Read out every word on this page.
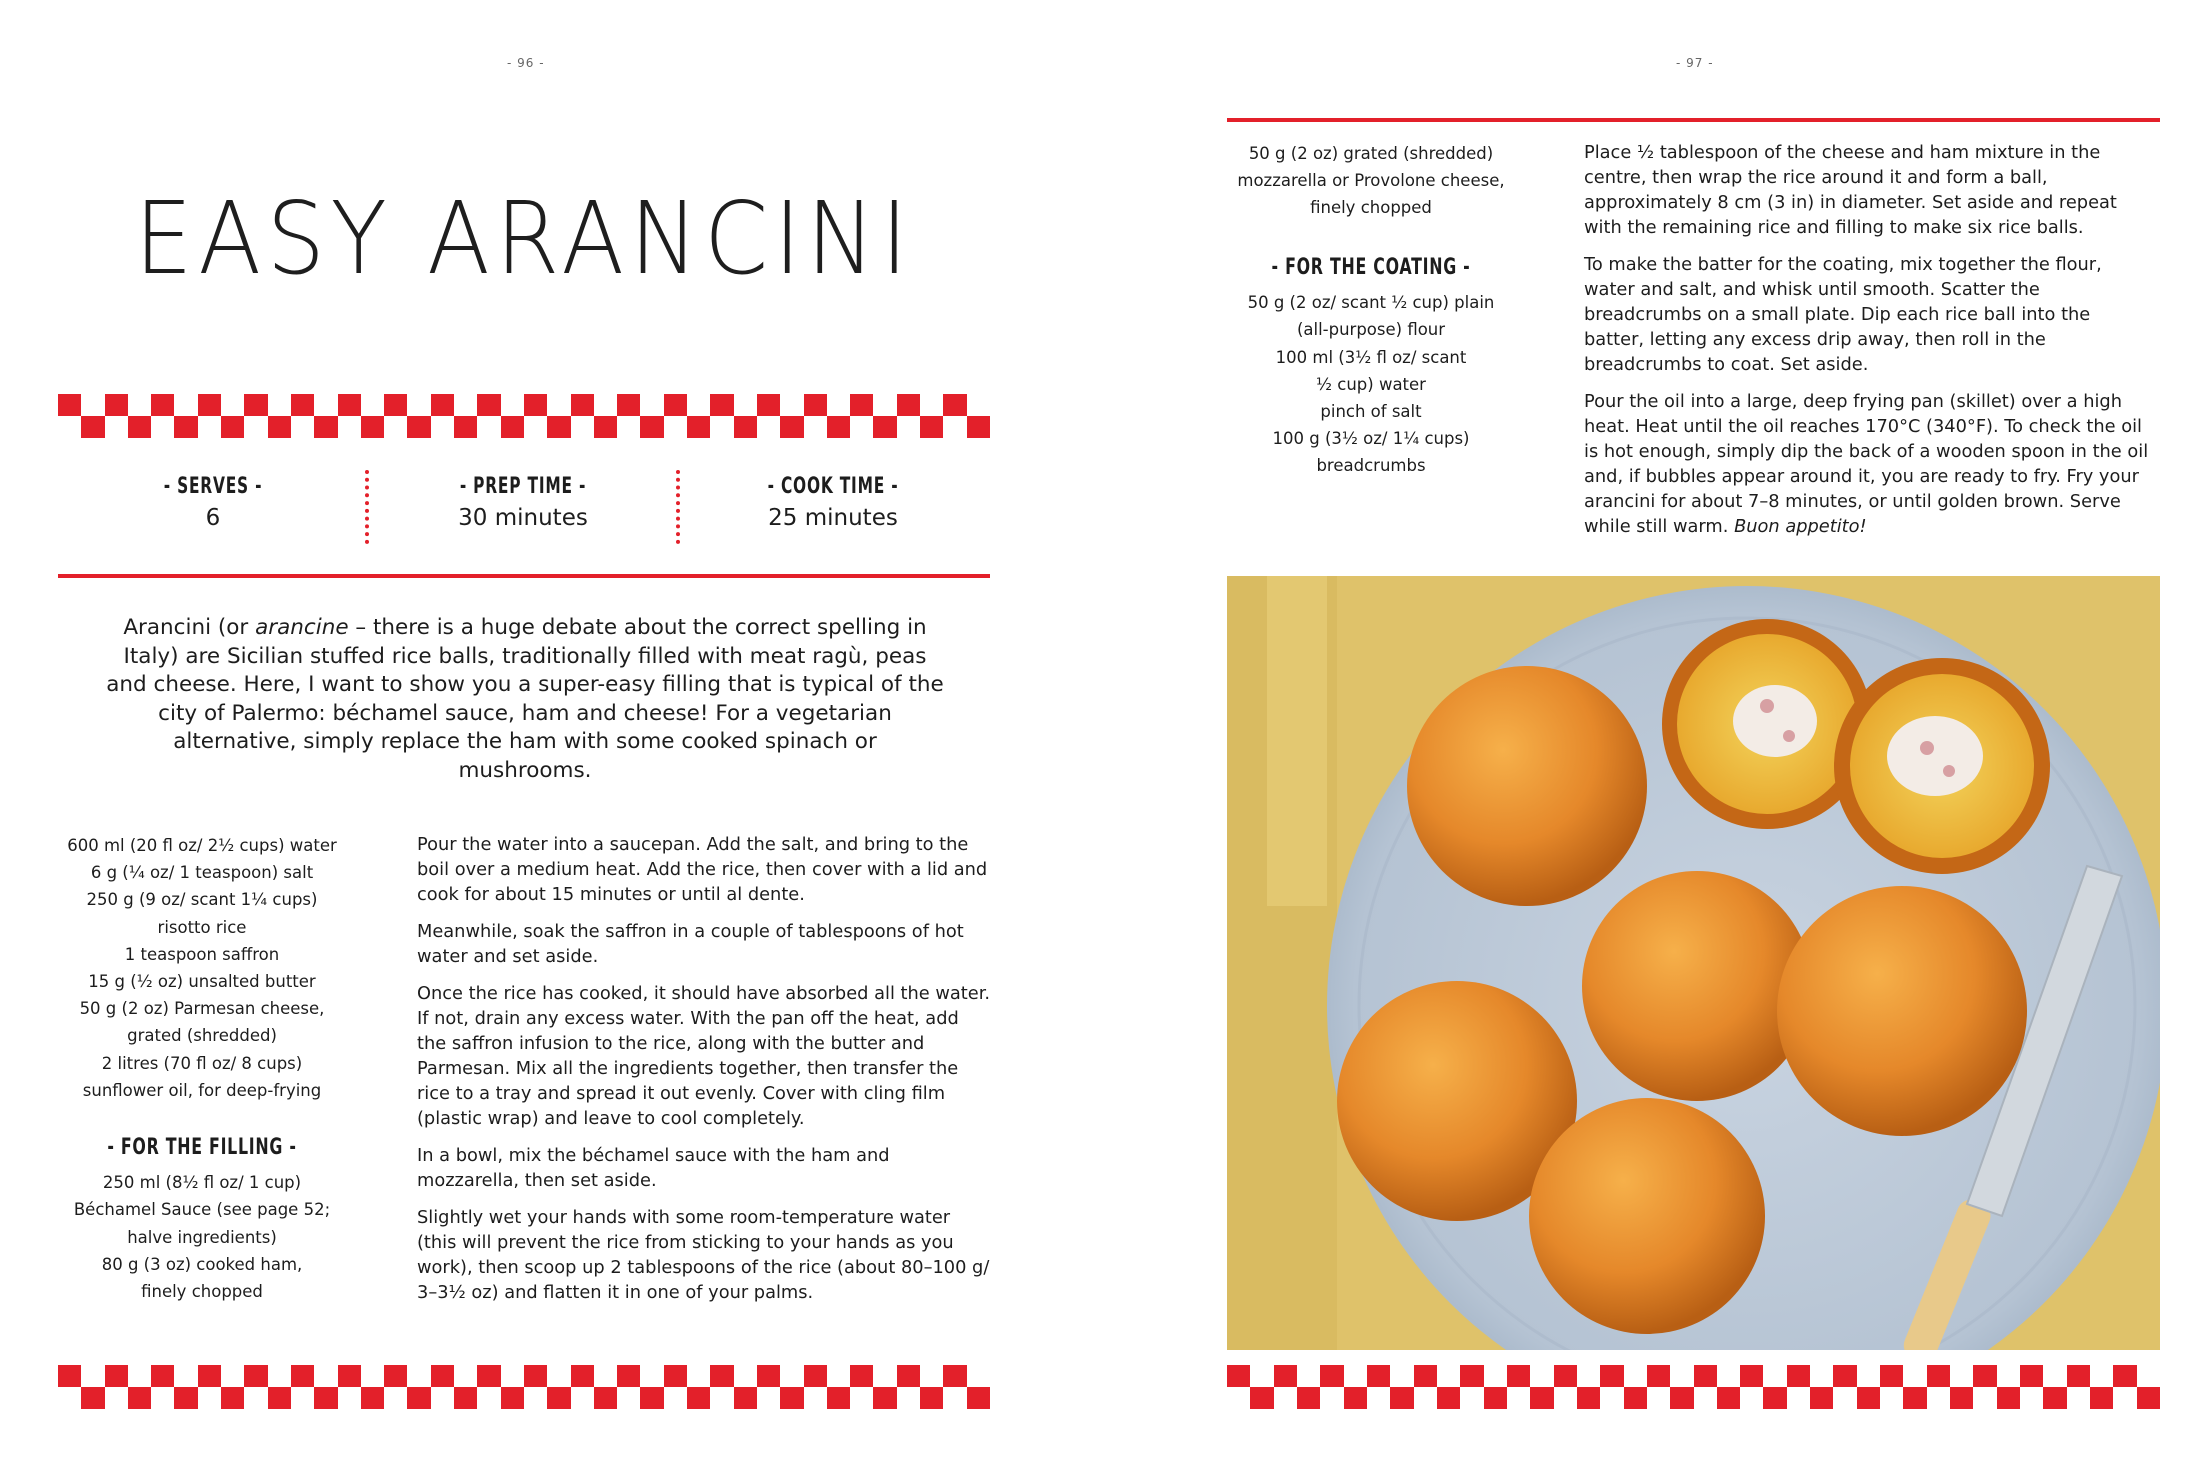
- 96 -	- 97 -
EASY ARANCINI
- SERVES -
6
- PREP TIME -
30 minutes
- COOK TIME -
25 minutes
Arancini (or arancine – there is a huge debate about the correct spelling in Italy) are Sicilian stuffed rice balls, traditionally filled with meat ragù, peas and cheese. Here, I want to show you a super-easy filling that is typical of the city of Palermo: béchamel sauce, ham and cheese! For a vegetarian alternative, simply replace the ham with some cooked spinach or mushrooms.

600 ml (20 fl oz/ 2½ cups) water

6 g (¼ oz/ 1 teaspoon) salt

250 g (9 oz/ scant 1¼ cups)

risotto rice

1 teaspoon saffron

15 g (½ oz) unsalted butter

50 g (2 oz) Parmesan cheese,

grated (shredded)

2 litres (70 fl oz/ 8 cups)

sunflower oil, for deep-frying

- FOR THE FILLING -

250 ml (8½ fl oz/ 1 cup)

Béchamel Sauce (see page 52;

halve ingredients)

80 g (3 oz) cooked ham,

finely chopped

Pour the water into a saucepan. Add the salt, and bring to the boil over a medium heat. Add the rice, then cover with a lid and cook for about 15 minutes or until al dente.

Meanwhile, soak the saffron in a couple of tablespoons of hot water and set aside.

Once the rice has cooked, it should have absorbed all the water. If not, drain any excess water. With the pan off the heat, add the saffron infusion to the rice, along with the butter and Parmesan. Mix all the ingredients together, then transfer the rice to a tray and spread it out evenly. Cover with cling film (plastic wrap) and leave to cool completely.

In a bowl, mix the béchamel sauce with the ham and mozzarella, then set aside.

Slightly wet your hands with some room-temperature water (this will prevent the rice from sticking to your hands as you work), then scoop up 2 tablespoons of the rice (about 80–100 g/ 3–3½ oz) and flatten it in one of your palms.

50 g (2 oz) grated (shredded)

mozzarella or Provolone cheese,

finely chopped

- FOR THE COATING -

50 g (2 oz/ scant ½ cup) plain

(all-purpose) flour

100 ml (3½ fl oz/ scant

½ cup) water

pinch of salt

100 g (3½ oz/ 1¼ cups)

breadcrumbs

Place ½ tablespoon of the cheese and ham mixture in the centre, then wrap the rice around it and form a ball, approximately 8 cm (3 in) in diameter. Set aside and repeat with the remaining rice and filling to make six rice balls.

To make the batter for the coating, mix together the flour, water and salt, and whisk until smooth. Scatter the breadcrumbs on a small plate. Dip each rice ball into the batter, letting any excess drip away, then roll in the breadcrumbs to coat. Set aside.

Pour the oil into a large, deep frying pan (skillet) over a high heat. Heat until the oil reaches 170°C (340°F). To check the oil is hot enough, simply dip the back of a wooden spoon in the oil and, if bubbles appear around it, you are ready to fry. Fry your arancini for about 7–8 minutes, or until golden brown. Serve while still warm. Buon appetito!
